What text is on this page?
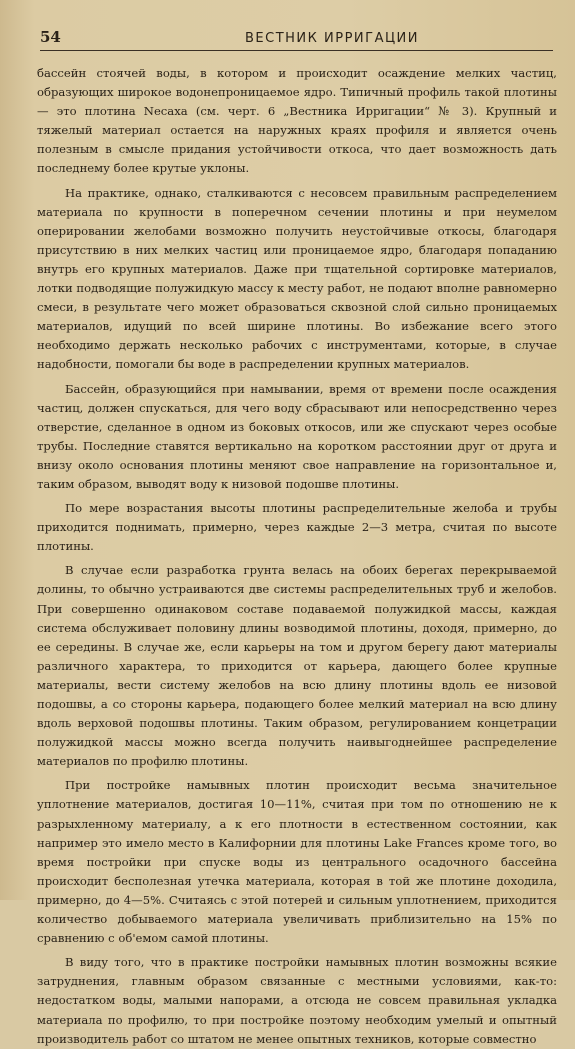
54	ВЕСТНИК ИРРИГАЦИИ

бассейн стоячей воды, в котором и происходит осаждение мелких частиц, образующих широкое водонепроницаемое ядро. Типичный профиль такой плотины — это плотина Necaxa (см. черт. 6 „Вестника Ирригации“ № 3). Крупный и тяжелый материал остается на наружных краях профиля и является очень полезным в смысле придания устойчивости откоса, что дает возможность дать последнему более крутые уклоны.

На практике, однако, сталкиваются с несовсем правильным распределением материала по крупности в поперечном сечении плотины и при неумелом оперировании желобами возможно получить неустойчивые откосы, благодаря присутствию в них мелких частиц или проницаемое ядро, благодаря попаданию внутрь его крупных материалов. Даже при тщательной сортировке материалов, лотки подводящие полужидкую массу к месту работ, не подают вполне равномерно смеси, в результате чего может образоваться сквозной слой сильно проницаемых материалов, идущий по всей ширине плотины. Во избежание всего этого необходимо держать несколько рабочих с инструментами, которые, в случае надобности, помогали бы воде в распределении крупных материалов.

Бассейн, образующийся при намывании, время от времени после осаждения частиц, должен спускаться, для чего воду сбрасывают или непосредственно через отверстие, сделанное в одном из боковых откосов, или же спускают через особые трубы. Последние ставятся вертикально на коротком расстоянии друг от друга и внизу около основания плотины меняют свое направление на горизонтальное и, таким образом, выводят воду к низовой подошве плотины.

По мере возрастания высоты плотины распределительные желоба и трубы приходится поднимать, примерно, через каждые 2—3 метра, считая по высоте плотины.

В случае если разработка грунта велась на обоих берегах перекрываемой долины, то обычно устраиваются две системы распределительных труб и желобов. При совершенно одинаковом составе подаваемой полужидкой массы, каждая система обслуживает половину длины возводимой плотины, доходя, примерно, до ее середины. В случае же, если карьеры на том и другом берегу дают материалы различного характера, то приходится от карьера, дающего более крупные материалы, вести систему желобов на всю длину плотины вдоль ее низовой подошвы, а со стороны карьера, подающего более мелкий материал на всю длину вдоль верховой подошвы плотины. Таким образом, регулированием концетрации полужидкой массы можно всегда получить наивыгоднейшее распределение материалов по профилю плотины.

При постройке намывных плотин происходит весьма значительное уплотнение материалов, достигая 10—11%, считая при том по отношению не к разрыхленному материалу, а к его плотности в естественном состоянии, как например это имело место в Калифорнии для плотины Lake Frances кроме того, во время постройки при спуске воды из центрального осадочного бассейна происходит бесполезная утечка материала, которая в той же плотине доходила, примерно, до 4—5%. Считаясь с этой потерей и сильным уплотнением, приходится количество добываемого материала увеличивать приблизительно на 15% по сравнению с об'емом самой плотины.

В виду того, что в практике постройки намывных плотин возможны всякие затруднения, главным образом связанные с местными условиями, как-то: недостатком воды, малыми напорами, а отсюда не совсем правильная укладка материала по профилю, то при постройке поэтому необходим умелый и опытный производитель работ со штатом не менее опытных техников, которые совместно
